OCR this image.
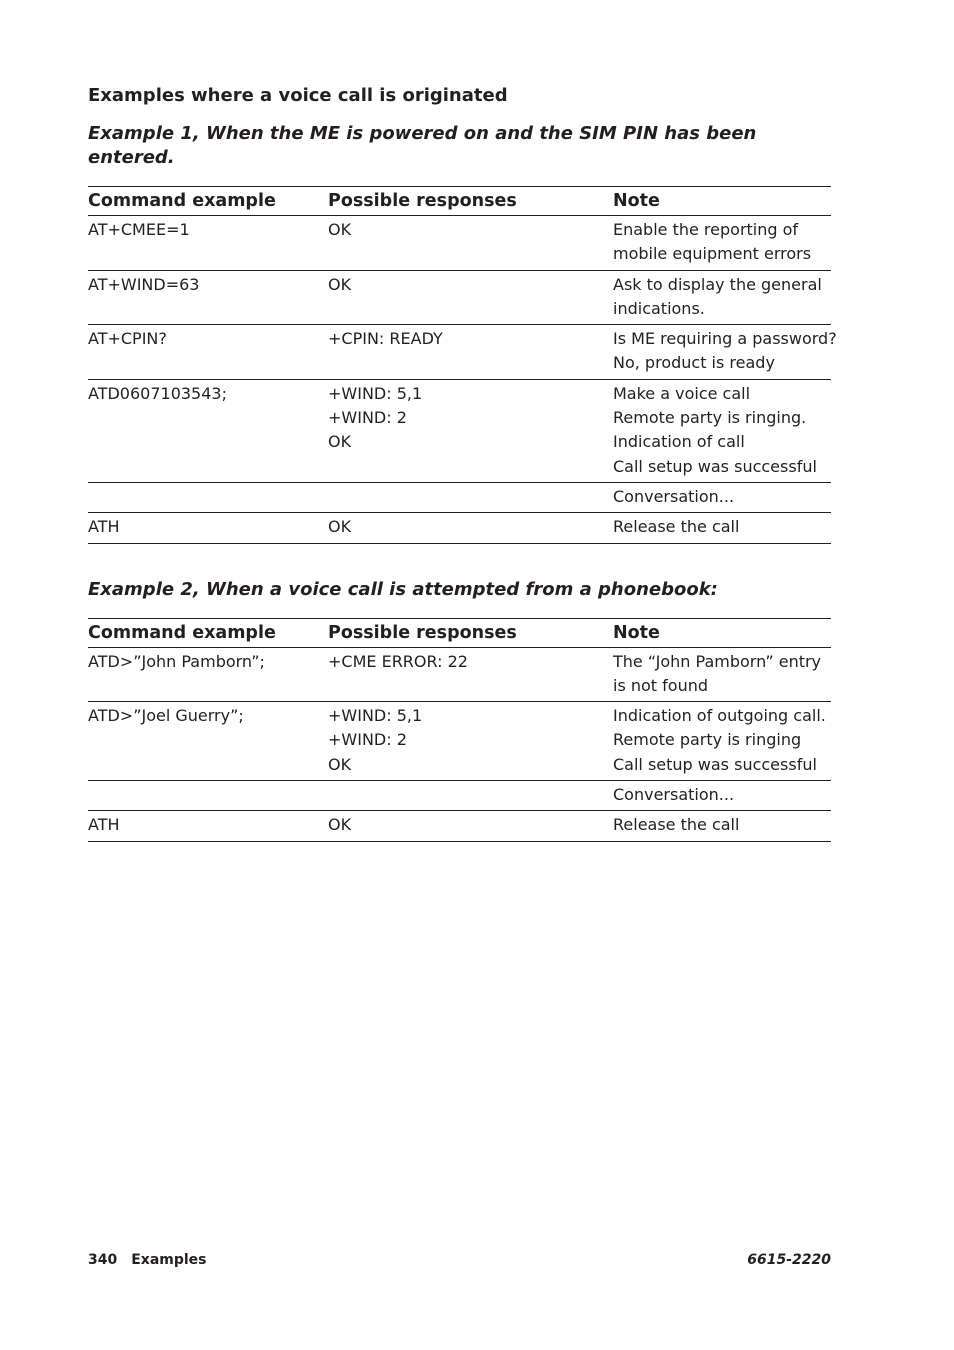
Examples where a voice call is originated

Example 1, When the ME is powered on and the SIM PIN has been entered.

Command example	Possible responses	Note

AT+CMEE=1	OK	Enable the reporting of
mobile equipment errors

AT+WIND=63	OK	Ask to display the general
indications.

AT+CPIN?	+CPIN: READY	Is ME requiring a password?
No, product is ready

ATD0607103543;	+WIND: 5,1
+WIND: 2
OK	Make a voice call
Remote party is ringing.
Indication of call
Call setup was successful

		Conversation...

ATH	OK	Release the call

Example 2, When a voice call is attempted from a phonebook:

Command example	Possible responses	Note

ATD>”John Pamborn”;	+CME ERROR: 22	The “John Pamborn” entry
is not found

ATD>”Joel Guerry”;	+WIND: 5,1
+WIND: 2
OK	Indication of outgoing call.
Remote party is ringing
Call setup was successful

		Conversation...

ATH	OK	Release the call
340 Examples	6615-2220
